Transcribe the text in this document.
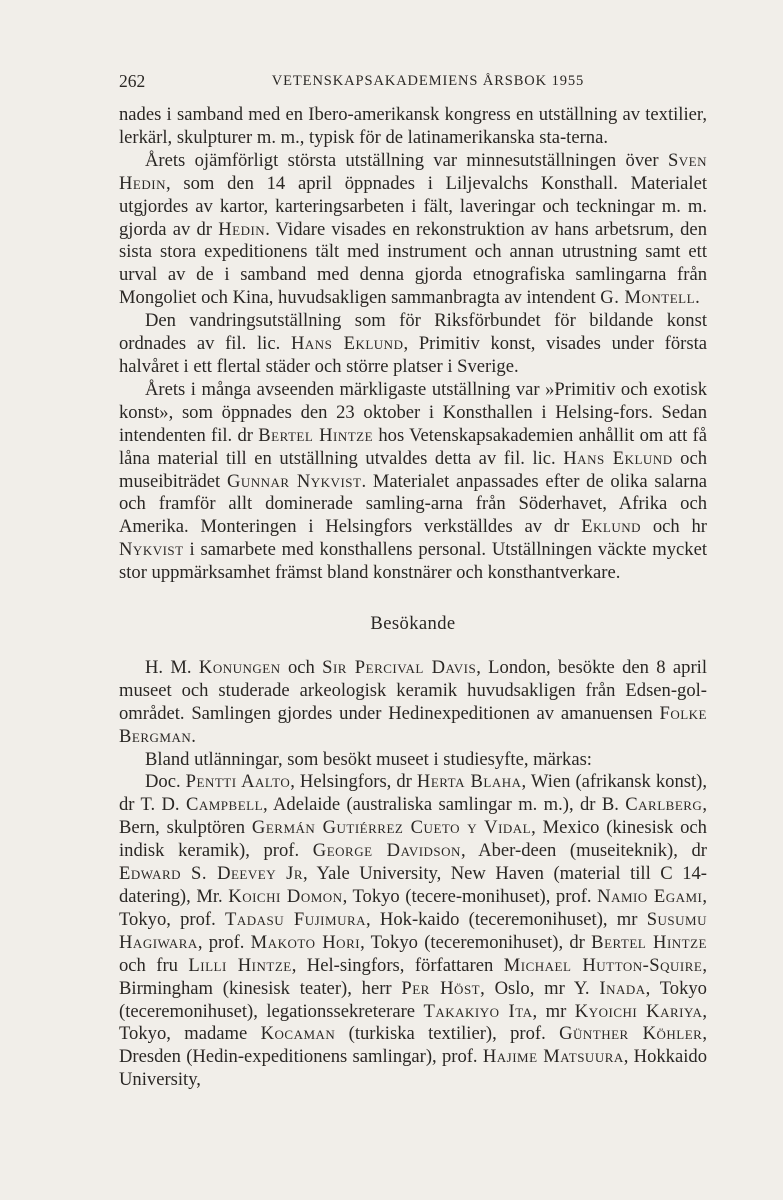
262	VETENSKAPSAKADEMIENS ÅRSBOK 1955

nades i samband med en Ibero-amerikansk kongress en utställning av textilier, lerkärl, skulpturer m. m., typisk för de latinamerikanska sta-terna.

Årets ojämförligt största utställning var minnesutställningen över Sven Hedin, som den 14 april öppnades i Liljevalchs Konsthall. Materialet utgjordes av kartor, karteringsarbeten i fält, laveringar och teckningar m. m. gjorda av dr Hedin. Vidare visades en rekonstruktion av hans arbetsrum, den sista stora expeditionens tält med instrument och annan utrustning samt ett urval av de i samband med denna gjorda etnografiska samlingarna från Mongoliet och Kina, huvudsakligen sammanbragta av intendent G. Montell.

Den vandringsutställning som för Riksförbundet för bildande konst ordnades av fil. lic. Hans Eklund, Primitiv konst, visades under första halvåret i ett flertal städer och större platser i Sverige.

Årets i många avseenden märkligaste utställning var »Primitiv och exotisk konst», som öppnades den 23 oktober i Konsthallen i Helsing-fors. Sedan intendenten fil. dr Bertel Hintze hos Vetenskapsakademien anhållit om att få låna material till en utställning utvaldes detta av fil. lic. Hans Eklund och museibiträdet Gunnar Nykvist. Materialet anpassades efter de olika salarna och framför allt dominerade samling-arna från Söderhavet, Afrika och Amerika. Monteringen i Helsingfors verkställdes av dr Eklund och hr Nykvist i samarbete med konsthallens personal. Utställningen väckte mycket stor uppmärksamhet främst bland konstnärer och konsthantverkare.

Besökande

H. M. Konungen och Sir Percival Davis, London, besökte den 8 april museet och studerade arkeologisk keramik huvudsakligen från Edsen-gol-området. Samlingen gjordes under Hedinexpeditionen av amanuensen Folke Bergman.

Bland utlänningar, som besökt museet i studiesyfte, märkas:

Doc. Pentti Aalto, Helsingfors, dr Herta Blaha, Wien (afrikansk konst), dr T. D. Campbell, Adelaide (australiska samlingar m. m.), dr B. Carlberg, Bern, skulptören Germán Gutiérrez Cueto y Vidal, Mexico (kinesisk och indisk keramik), prof. George Davidson, Aber-deen (museiteknik), dr Edward S. Deevey Jr, Yale University, New Haven (material till C 14-datering), Mr. Koichi Domon, Tokyo (tecere-monihuset), prof. Namio Egami, Tokyo, prof. Tadasu Fujimura, Hok-kaido (teceremonihuset), mr Susumu Hagiwara, prof. Makoto Hori, Tokyo (teceremonihuset), dr Bertel Hintze och fru Lilli Hintze, Hel-singfors, författaren Michael Hutton-Squire, Birmingham (kinesisk teater), herr Per Höst, Oslo, mr Y. Inada, Tokyo (teceremonihuset), legationssekreterare Takakiyo Ita, mr Kyoichi Kariya, Tokyo, madame Kocaman (turkiska textilier), prof. Günther Köhler, Dresden (Hedin-expeditionens samlingar), prof. Hajime Matsuura, Hokkaido University,
